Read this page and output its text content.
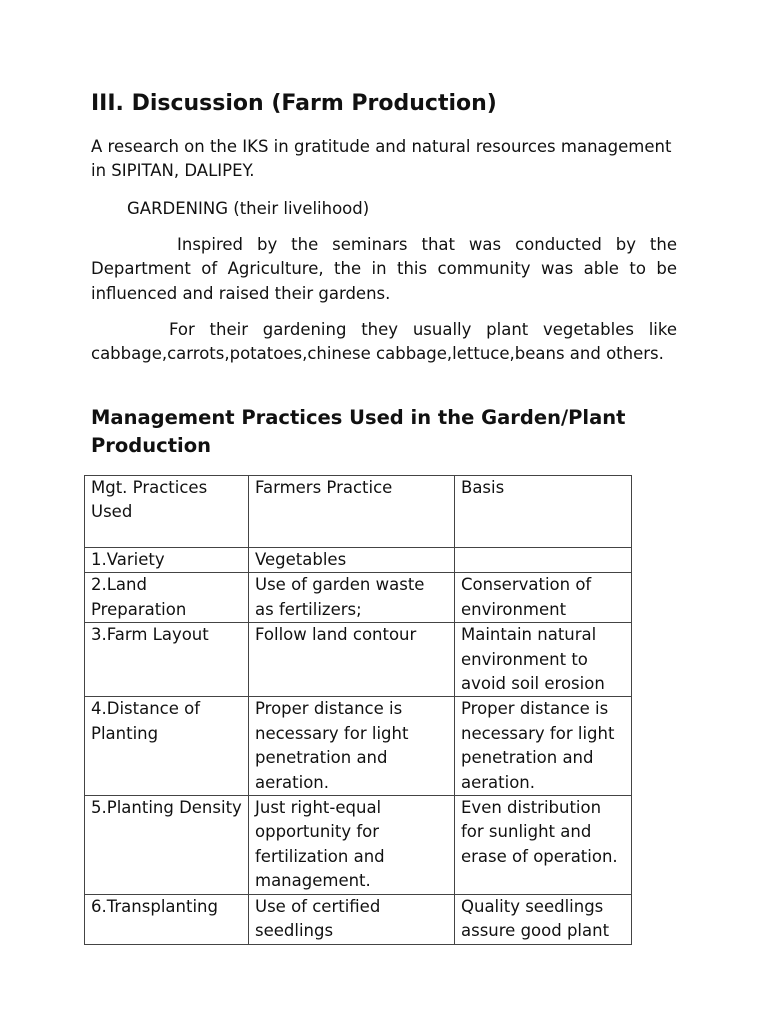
III. Discussion (Farm Production)

A research on the IKS in gratitude and natural resources management in SIPITAN, DALIPEY.

GARDENING (their livelihood)

Inspired by the seminars that was conducted by the Department of Agriculture, the in this community was able to be influenced and raised their gardens.

For their gardening they usually plant vegetables like cabbage,carrots,potatoes,chinese cabbage,lettuce,beans and others.

Management Practices Used in the Garden/Plant Production
Mgt. Practices Used	Farmers Practice	Basis
1.Variety	Vegetables	
2.Land Preparation	Use of garden waste as fertilizers;	Conservation of environment
3.Farm Layout	Follow land contour	Maintain natural environment to avoid soil erosion
4.Distance of Planting	Proper distance is necessary for light penetration and aeration.	Proper distance is necessary for light penetration and aeration.
5.Planting Density	Just right-equal opportunity for fertilization and management.	Even distribution for sunlight and erase of operation.
6.Transplanting	Use of certified seedlings	Quality seedlings assure good plant
